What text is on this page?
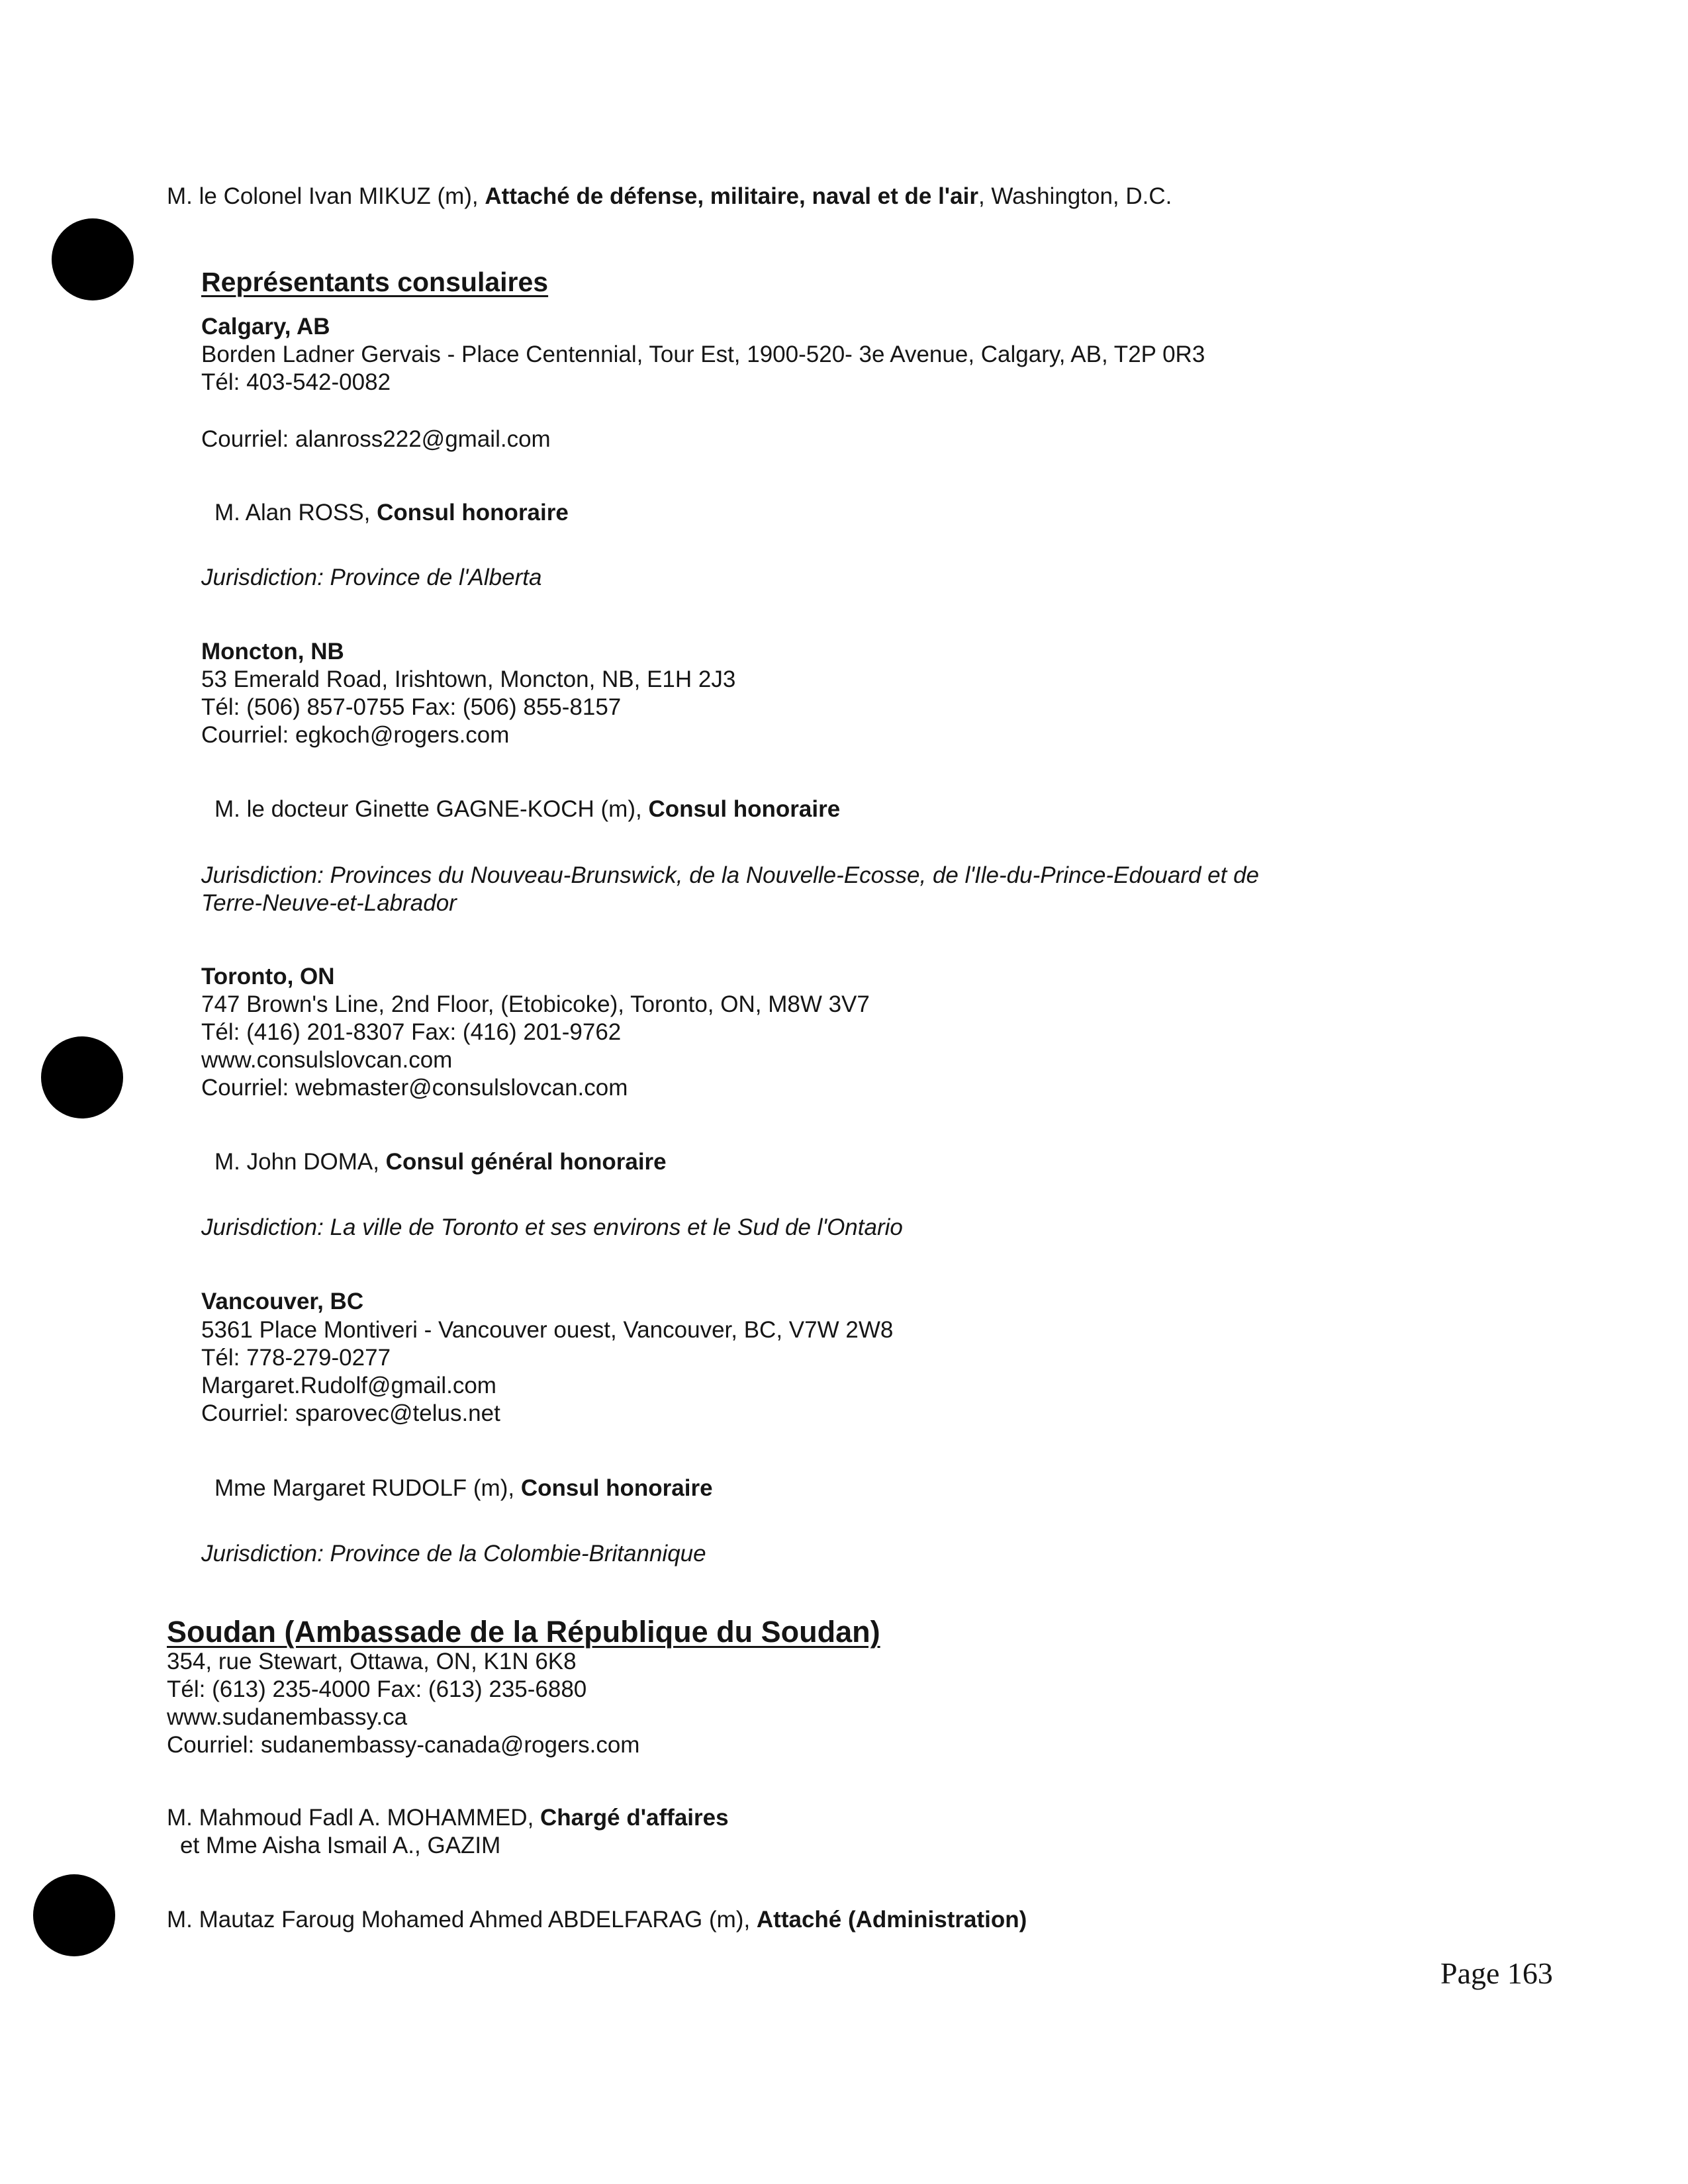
M. le Colonel Ivan MIKUZ (m), Attaché de défense, militaire, naval et de l'air, Washington, D.C.
Représentants consulaires
Calgary, AB
Borden Ladner Gervais - Place Centennial, Tour Est, 1900-520- 3e Avenue, Calgary, AB, T2P 0R3
Tél: 403-542-0082
Courriel: alanross222@gmail.com
M. Alan ROSS, Consul honoraire
Jurisdiction: Province de l'Alberta
Moncton, NB
53 Emerald Road, Irishtown, Moncton, NB, E1H 2J3
Tél: (506) 857-0755 Fax: (506) 855-8157
Courriel: egkoch@rogers.com
M. le docteur Ginette GAGNE-KOCH (m), Consul honoraire
Jurisdiction: Provinces du Nouveau-Brunswick, de la Nouvelle-Ecosse, de l'Ile-du-Prince-Edouard et de
Terre-Neuve-et-Labrador
Toronto, ON
747 Brown's Line, 2nd Floor, (Etobicoke), Toronto, ON, M8W 3V7
Tél: (416) 201-8307 Fax: (416) 201-9762
www.consulslovcan.com
Courriel: webmaster@consulslovcan.com
M. John DOMA, Consul général honoraire
Jurisdiction: La ville de Toronto et ses environs et le Sud de l'Ontario
Vancouver, BC
5361 Place Montiveri - Vancouver ouest, Vancouver, BC, V7W 2W8
Tél: 778-279-0277
Margaret.Rudolf@gmail.com
Courriel: sparovec@telus.net
Mme Margaret RUDOLF (m), Consul honoraire
Jurisdiction: Province de la Colombie-Britannique
Soudan (Ambassade de la République du Soudan)
354, rue Stewart, Ottawa, ON, K1N 6K8
Tél: (613) 235-4000 Fax: (613) 235-6880
www.sudanembassy.ca
Courriel: sudanembassy-canada@rogers.com
M. Mahmoud Fadl A. MOHAMMED, Chargé d'affaires
et Mme Aisha Ismail A., GAZIM
M. Mautaz Faroug Mohamed Ahmed ABDELFARAG (m), Attaché (Administration)
Page 163
